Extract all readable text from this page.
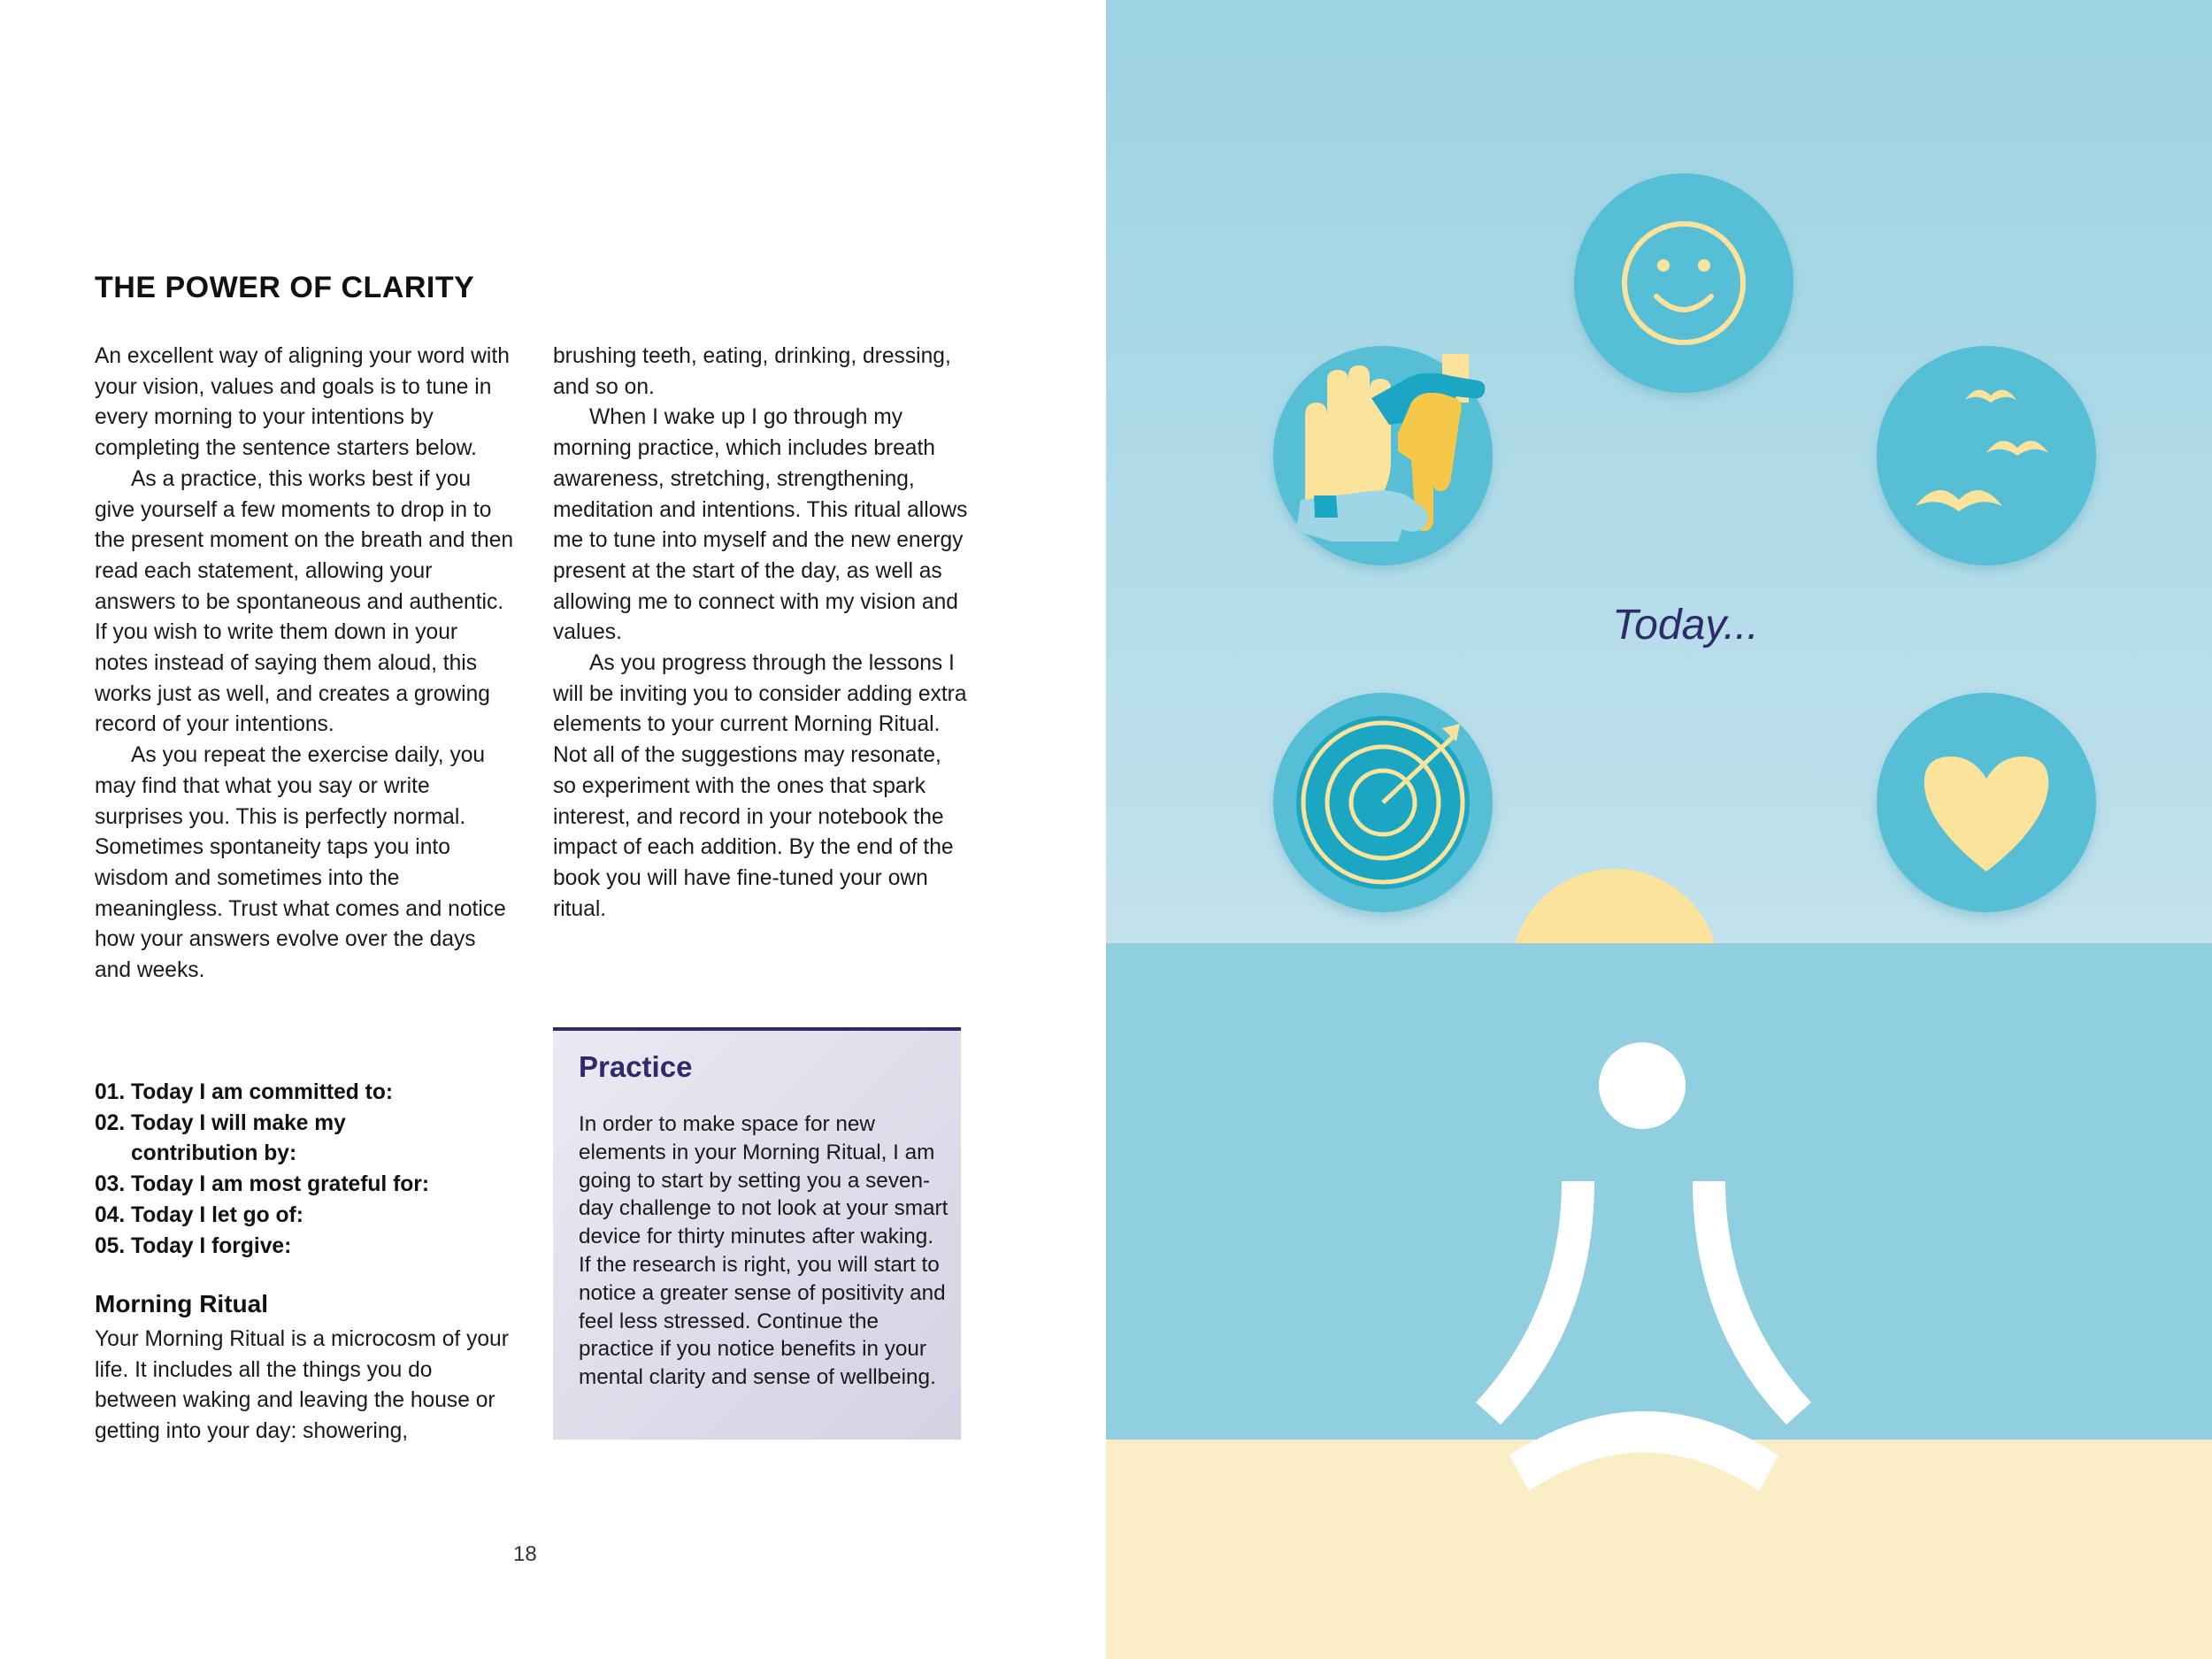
THE POWER OF CLARITY

An excellent way of aligning your word with your vision, values and goals is to tune in every morning to your intentions by completing the sentence starters below.

As a practice, this works best if you give yourself a few moments to drop in to the present moment on the breath and then read each statement, allowing your answers to be spontaneous and authentic. If you wish to write them down in your notes instead of saying them aloud, this works just as well, and creates a growing record of your intentions.

As you repeat the exercise daily, you may find that what you say or write surprises you. This is perfectly normal. Sometimes spontaneity taps you into wisdom and sometimes into the meaningless. Trust what comes and notice how your answers evolve over the days and weeks.

01. Today I am committed to:
02. Today I will make my contribution by:
03. Today I am most grateful for:
04. Today I let go of:
05. Today I forgive:
Morning Ritual

Your Morning Ritual is a microcosm of your life. It includes all the things you do between waking and leaving the house or getting into your day: showering,

brushing teeth, eating, drinking, dressing, and so on.

When I wake up I go through my morning practice, which includes breath awareness, stretching, strengthening, meditation and intentions. This ritual allows me to tune into myself and the new energy present at the start of the day, as well as allowing me to connect with my vision and values.

As you progress through the lessons I will be inviting you to consider adding extra elements to your current Morning Ritual. Not all of the suggestions may resonate, so experiment with the ones that spark interest, and record in your notebook the impact of each addition. By the end of the book you will have fine-tuned your own ritual.

Practice
In order to make space for new elements in your Morning Ritual, I am going to start by setting you a seven-day challenge to not look at your smart device for thirty minutes after waking. If the research is right, you will start to notice a greater sense of positivity and feel less stressed. Continue the practice if you notice benefits in your mental clarity and sense of wellbeing.
18
Today...
